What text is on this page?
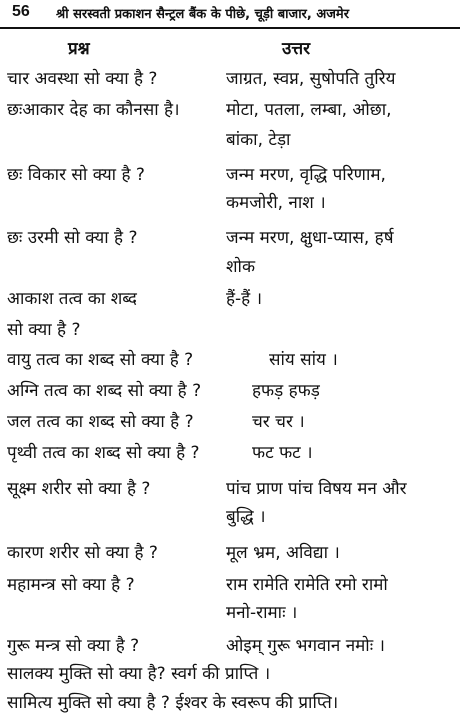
56 श्री सरस्वती प्रकाशन सैन्ट्रल बैंक के पीछे, चूड़ी बाजार, अजमेर
प्रश्न	उत्तर
चार अवस्था सो क्या है ?	जाग्रत, स्वप्न, सुषोपति तुरिय
छःआकार देह का कौनसा है।	मोटा, पतला, लम्बा, ओछा,
बांका, टेड़ा
छः विकार सो क्या है ?	जन्म मरण, वृद्धि परिणाम,
कमजोरी, नाश ।
छः उरमी सो क्या है ?	जन्म मरण, क्षुधा-प्यास, हर्ष
शोक
आकाश तत्व का शब्द	हैं-हैं ।
सो क्या है ?
वायु तत्व का शब्द सो क्या है ?	सांय सांय ।
अग्नि तत्व का शब्द सो क्या है ?	हफड़ हफड़
जल तत्व का शब्द सो क्या है ?	चर चर ।
पृथ्वी तत्व का शब्द सो क्या है ?	फट फट ।
सूक्ष्म शरीर सो क्या है ?	पांच प्राण पांच विषय मन और
बुद्धि ।
कारण शरीर सो क्या है ?	मूल भ्रम, अविद्या ।
महामन्त्र सो क्या है ?	राम रामेति रामेति रमो रामो
मनो-रामाः ।
गुरू मन्त्र सो क्या है ?	ओइम् गुरू भगवान नमोः ।
सालक्य मुक्ति सो क्या है? स्वर्ग की प्राप्ति ।
सामित्य मुक्ति सो क्या है ? ईश्वर के स्वरूप की प्राप्ति।
